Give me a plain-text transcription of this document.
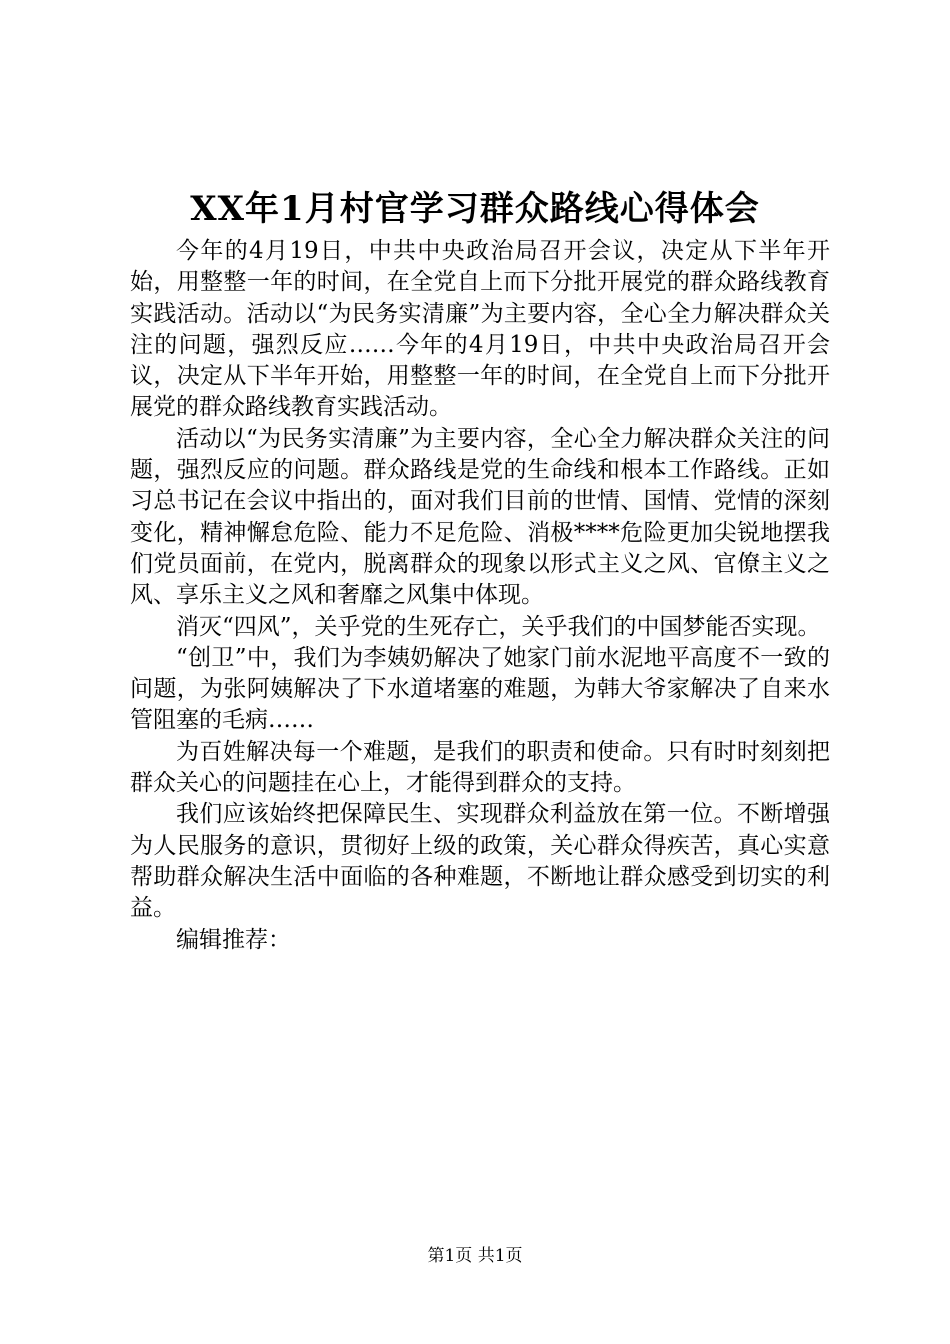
XX年1月村官学习群众路线心得体会

今年的4月19日，中共中央政治局召开会议，决定从下半年开始，用整整一年的时间，在全党自上而下分批开展党的群众路线教育实践活动。活动以“为民务实清廉”为主要内容，全心全力解决群众关注的问题，强烈反应……今年的4月19日，中共中央政治局召开会议，决定从下半年开始，用整整一年的时间，在全党自上而下分批开展党的群众路线教育实践活动。

活动以“为民务实清廉”为主要内容，全心全力解决群众关注的问题，强烈反应的问题。群众路线是党的生命线和根本工作路线。正如习总书记在会议中指出的，面对我们目前的世情、国情、党情的深刻变化，精神懈怠危险、能力不足危险、消极****危险更加尖锐地摆我们党员面前，在党内，脱离群众的现象以形式主义之风、官僚主义之风、享乐主义之风和奢靡之风集中体现。

消灭“四风”，关乎党的生死存亡，关乎我们的中国梦能否实现。

“创卫”中，我们为李姨奶解决了她家门前水泥地平高度不一致的问题，为张阿姨解决了下水道堵塞的难题，为韩大爷家解决了自来水管阻塞的毛病……

为百姓解决每一个难题，是我们的职责和使命。只有时时刻刻把群众关心的问题挂在心上，才能得到群众的支持。

我们应该始终把保障民生、实现群众利益放在第一位。不断增强为人民服务的意识，贯彻好上级的政策，关心群众得疾苦，真心实意帮助群众解决生活中面临的各种难题，不断地让群众感受到切实的利益。

编辑推荐：

第1页 共1页
